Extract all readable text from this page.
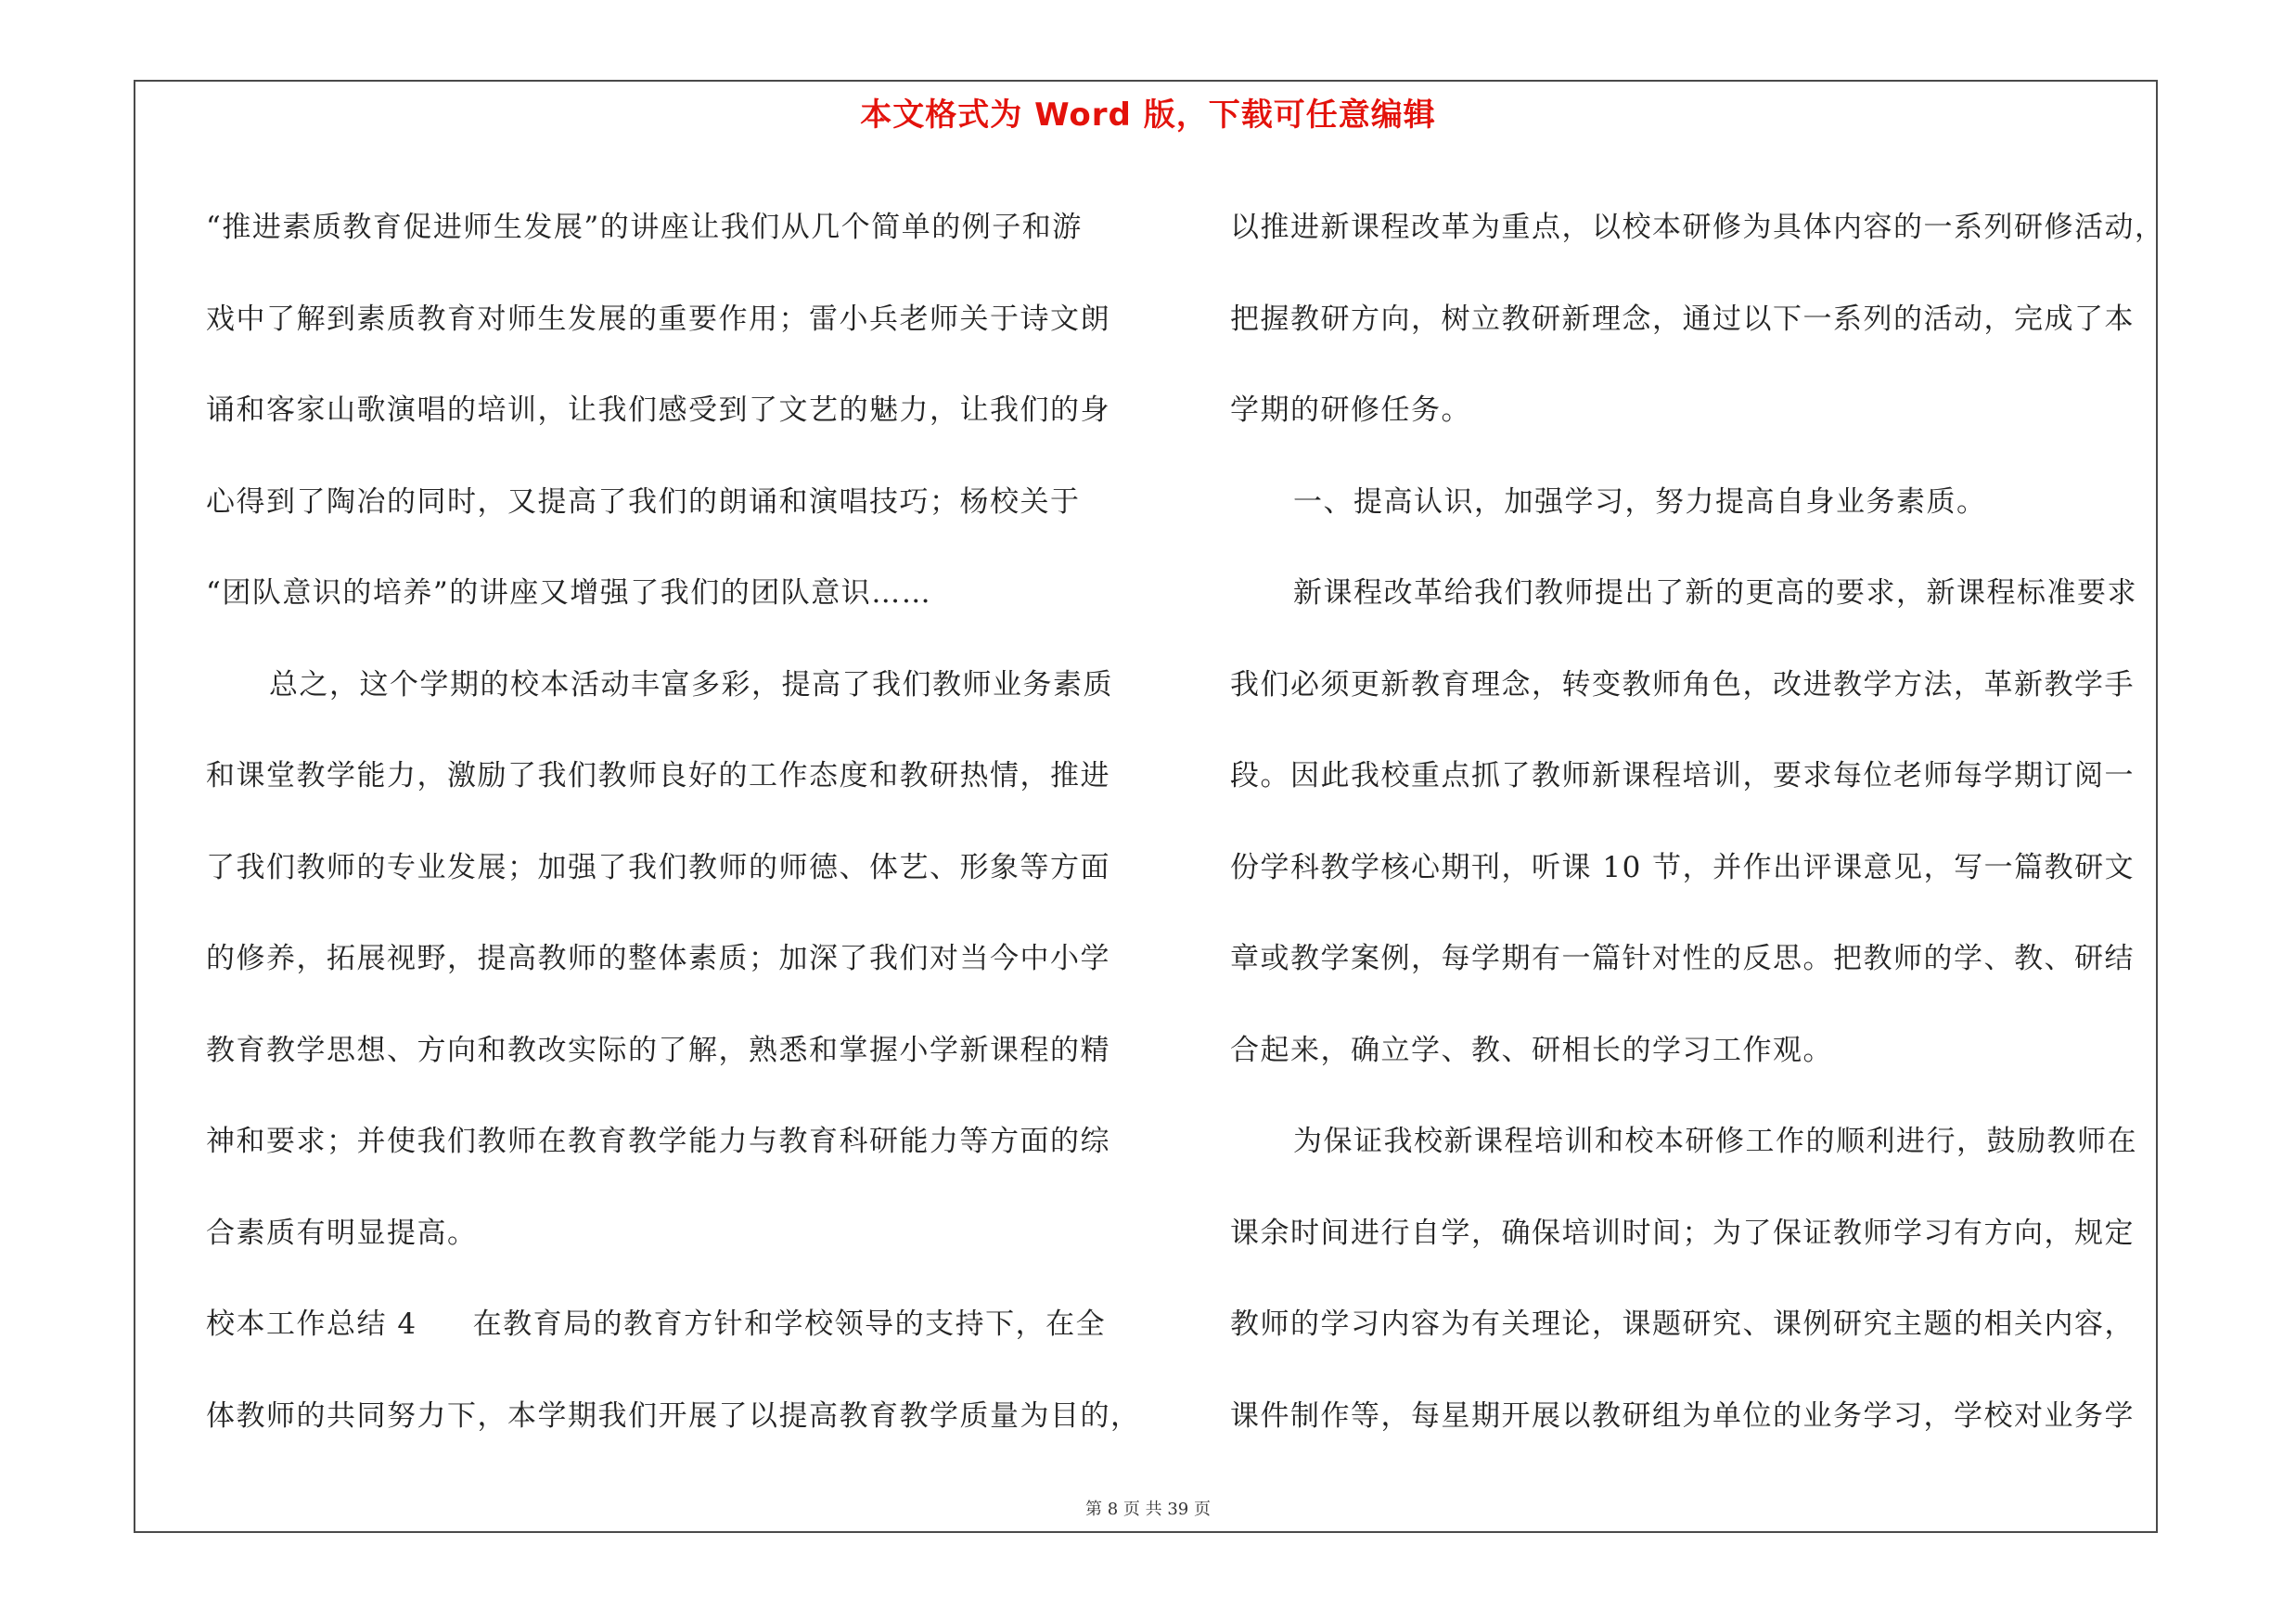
本文格式为 Word 版，下载可任意编辑
“推进素质教育促进师生发展”的讲座让我们从几个简单的例子和游
戏中了解到素质教育对师生发展的重要作用；雷小兵老师关于诗文朗
诵和客家山歌演唱的培训，让我们感受到了文艺的魅力，让我们的身
心得到了陶冶的同时，又提高了我们的朗诵和演唱技巧；杨校关于
“团队意识的培养”的讲座又增强了我们的团队意识……
总之，这个学期的校本活动丰富多彩，提高了我们教师业务素质
和课堂教学能力，激励了我们教师良好的工作态度和教研热情，推进
了我们教师的专业发展；加强了我们教师的师德、体艺、形象等方面
的修养，拓展视野，提高教师的整体素质；加深了我们对当今中小学
教育教学思想、方向和教改实际的了解，熟悉和掌握小学新课程的精
神和要求；并使我们教师在教育教学能力与教育科研能力等方面的综
合素质有明显提高。
校本工作总结 4 在教育局的教育方针和学校领导的支持下，在全
体教师的共同努力下，本学期我们开展了以提高教育教学质量为目的，
以推进新课程改革为重点，以校本研修为具体内容的一系列研修活动，
把握教研方向，树立教研新理念，通过以下一系列的活动，完成了本
学期的研修任务。
一、提高认识，加强学习，努力提高自身业务素质。
新课程改革给我们教师提出了新的更高的要求，新课程标准要求
我们必须更新教育理念，转变教师角色，改进教学方法，革新教学手
段。因此我校重点抓了教师新课程培训，要求每位老师每学期订阅一
份学科教学核心期刊，听课 10 节，并作出评课意见，写一篇教研文
章或教学案例，每学期有一篇针对性的反思。把教师的学、教、研结
合起来，确立学、教、研相长的学习工作观。
为保证我校新课程培训和校本研修工作的顺利进行，鼓励教师在
课余时间进行自学，确保培训时间；为了保证教师学习有方向，规定
教师的学习内容为有关理论，课题研究、课例研究主题的相关内容，
课件制作等，每星期开展以教研组为单位的业务学习，学校对业务学
第 8 页 共 39 页
